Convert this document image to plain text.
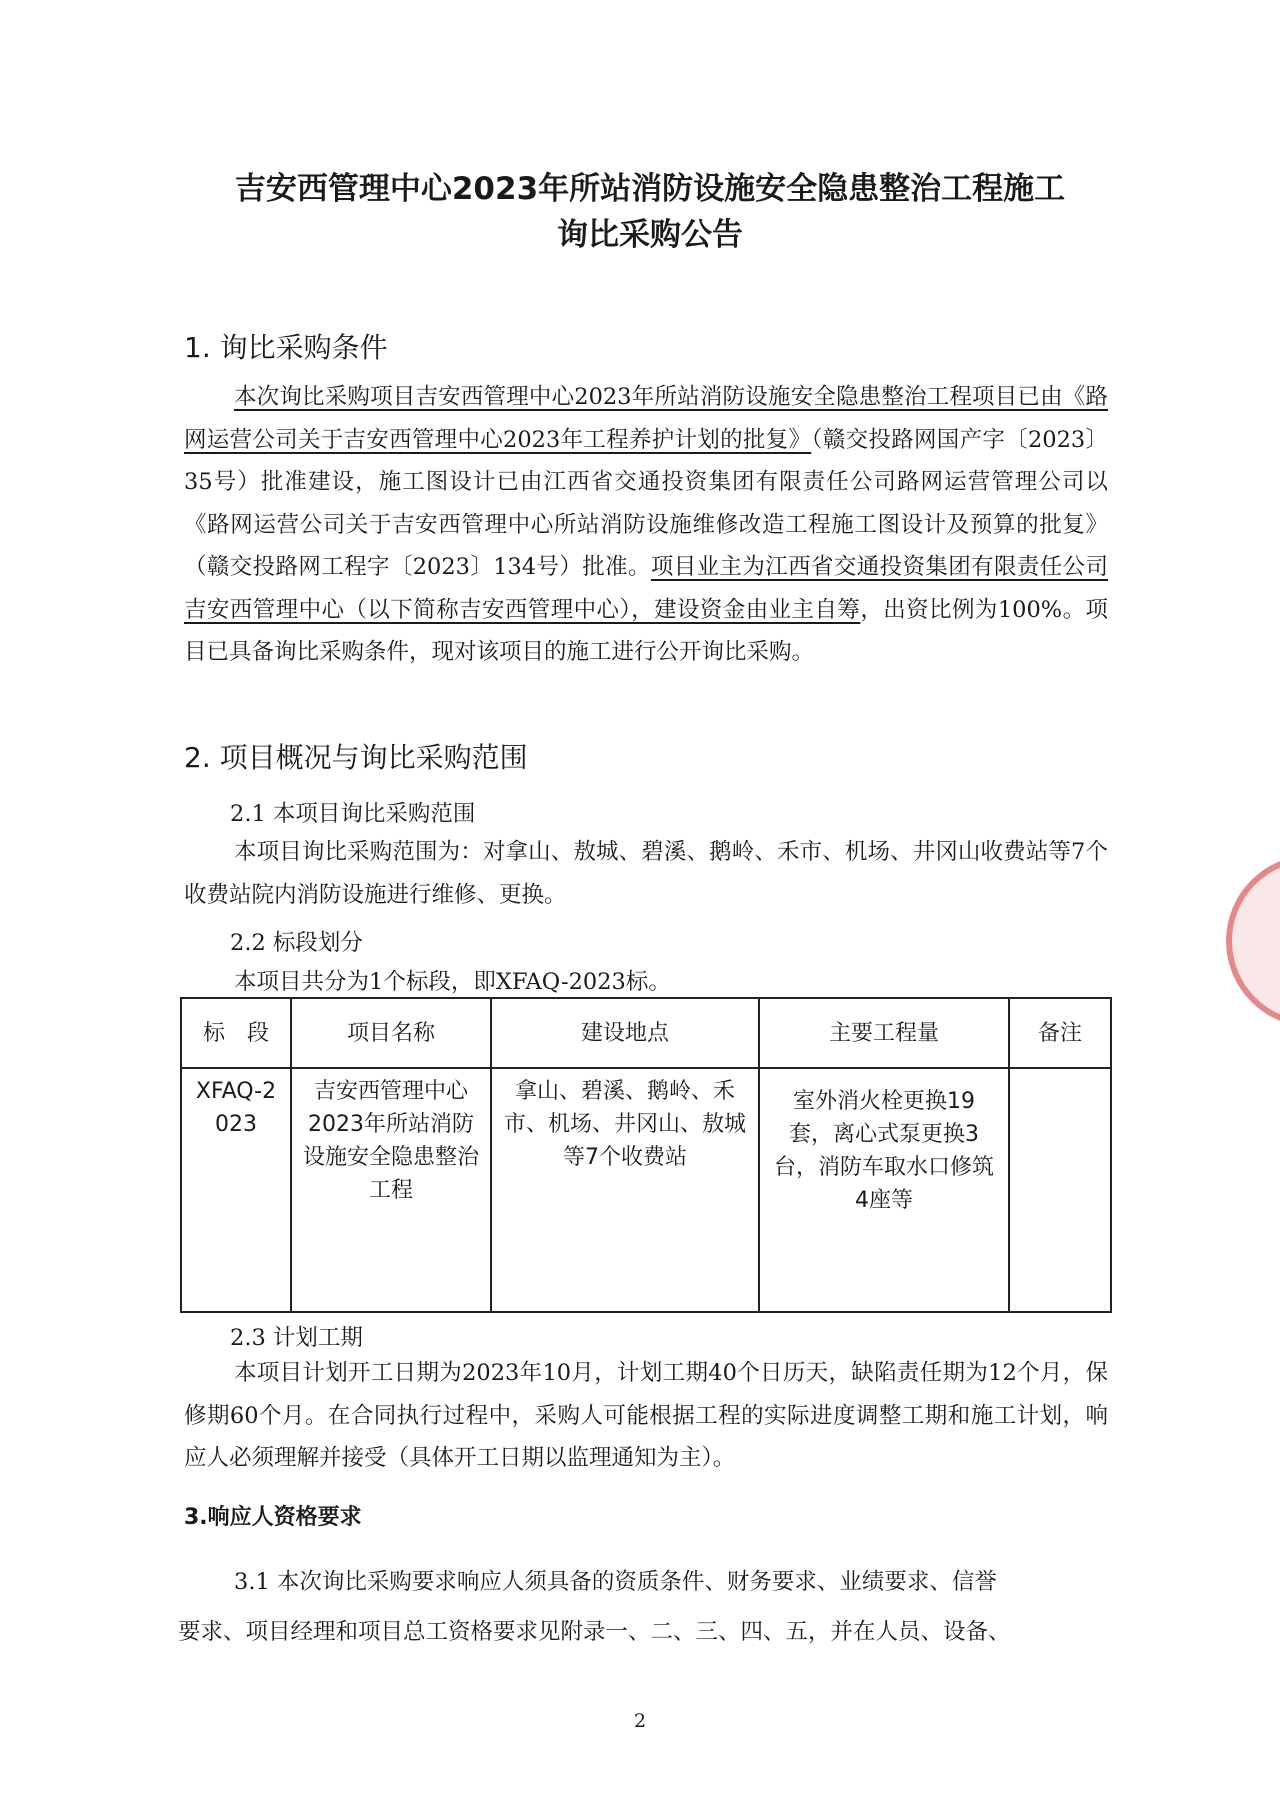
吉安西管理中心2023年所站消防设施安全隐患整治工程施工
询比采购公告
1. 询比采购条件
本次询比采购项目吉安西管理中心2023年所站消防设施安全隐患整治工程项目已由《路网运营公司关于吉安西管理中心2023年工程养护计划的批复》（赣交投路网国产字〔2023〕35号）批准建设，施工图设计已由江西省交通投资集团有限责任公司路网运营管理公司以《路网运营公司关于吉安西管理中心所站消防设施维修改造工程施工图设计及预算的批复》（赣交投路网工程字〔2023〕134号）批准。项目业主为江西省交通投资集团有限责任公司吉安西管理中心（以下简称吉安西管理中心），建设资金由业主自筹，出资比例为100%。项目已具备询比采购条件，现对该项目的施工进行公开询比采购。
2. 项目概况与询比采购范围
2.1 本项目询比采购范围
本项目询比采购范围为：对拿山、敖城、碧溪、鹅岭、禾市、机场、井冈山收费站等7个收费站院内消防设施进行维修、更换。
2.2 标段划分
本项目共分为1个标段，即XFAQ-2023标。
标　段	项目名称	建设地点	主要工程量	备注
XFAQ-2023	吉安西管理中心2023年所站消防设施安全隐患整治工程	拿山、碧溪、鹅岭、禾市、机场、井冈山、敖城等7个收费站	室外消火栓更换19套，离心式泵更换3台，消防车取水口修筑4座等	
2.3 计划工期
本项目计划开工日期为2023年10月，计划工期40个日历天，缺陷责任期为12个月，保修期60个月。在合同执行过程中，采购人可能根据工程的实际进度调整工期和施工计划，响应人必须理解并接受（具体开工日期以监理通知为主）。
3.响应人资格要求
3.1 本次询比采购要求响应人须具备的资质条件、财务要求、业绩要求、信誉
要求、项目经理和项目总工资格要求见附录一、二、三、四、五，并在人员、设备、
2
